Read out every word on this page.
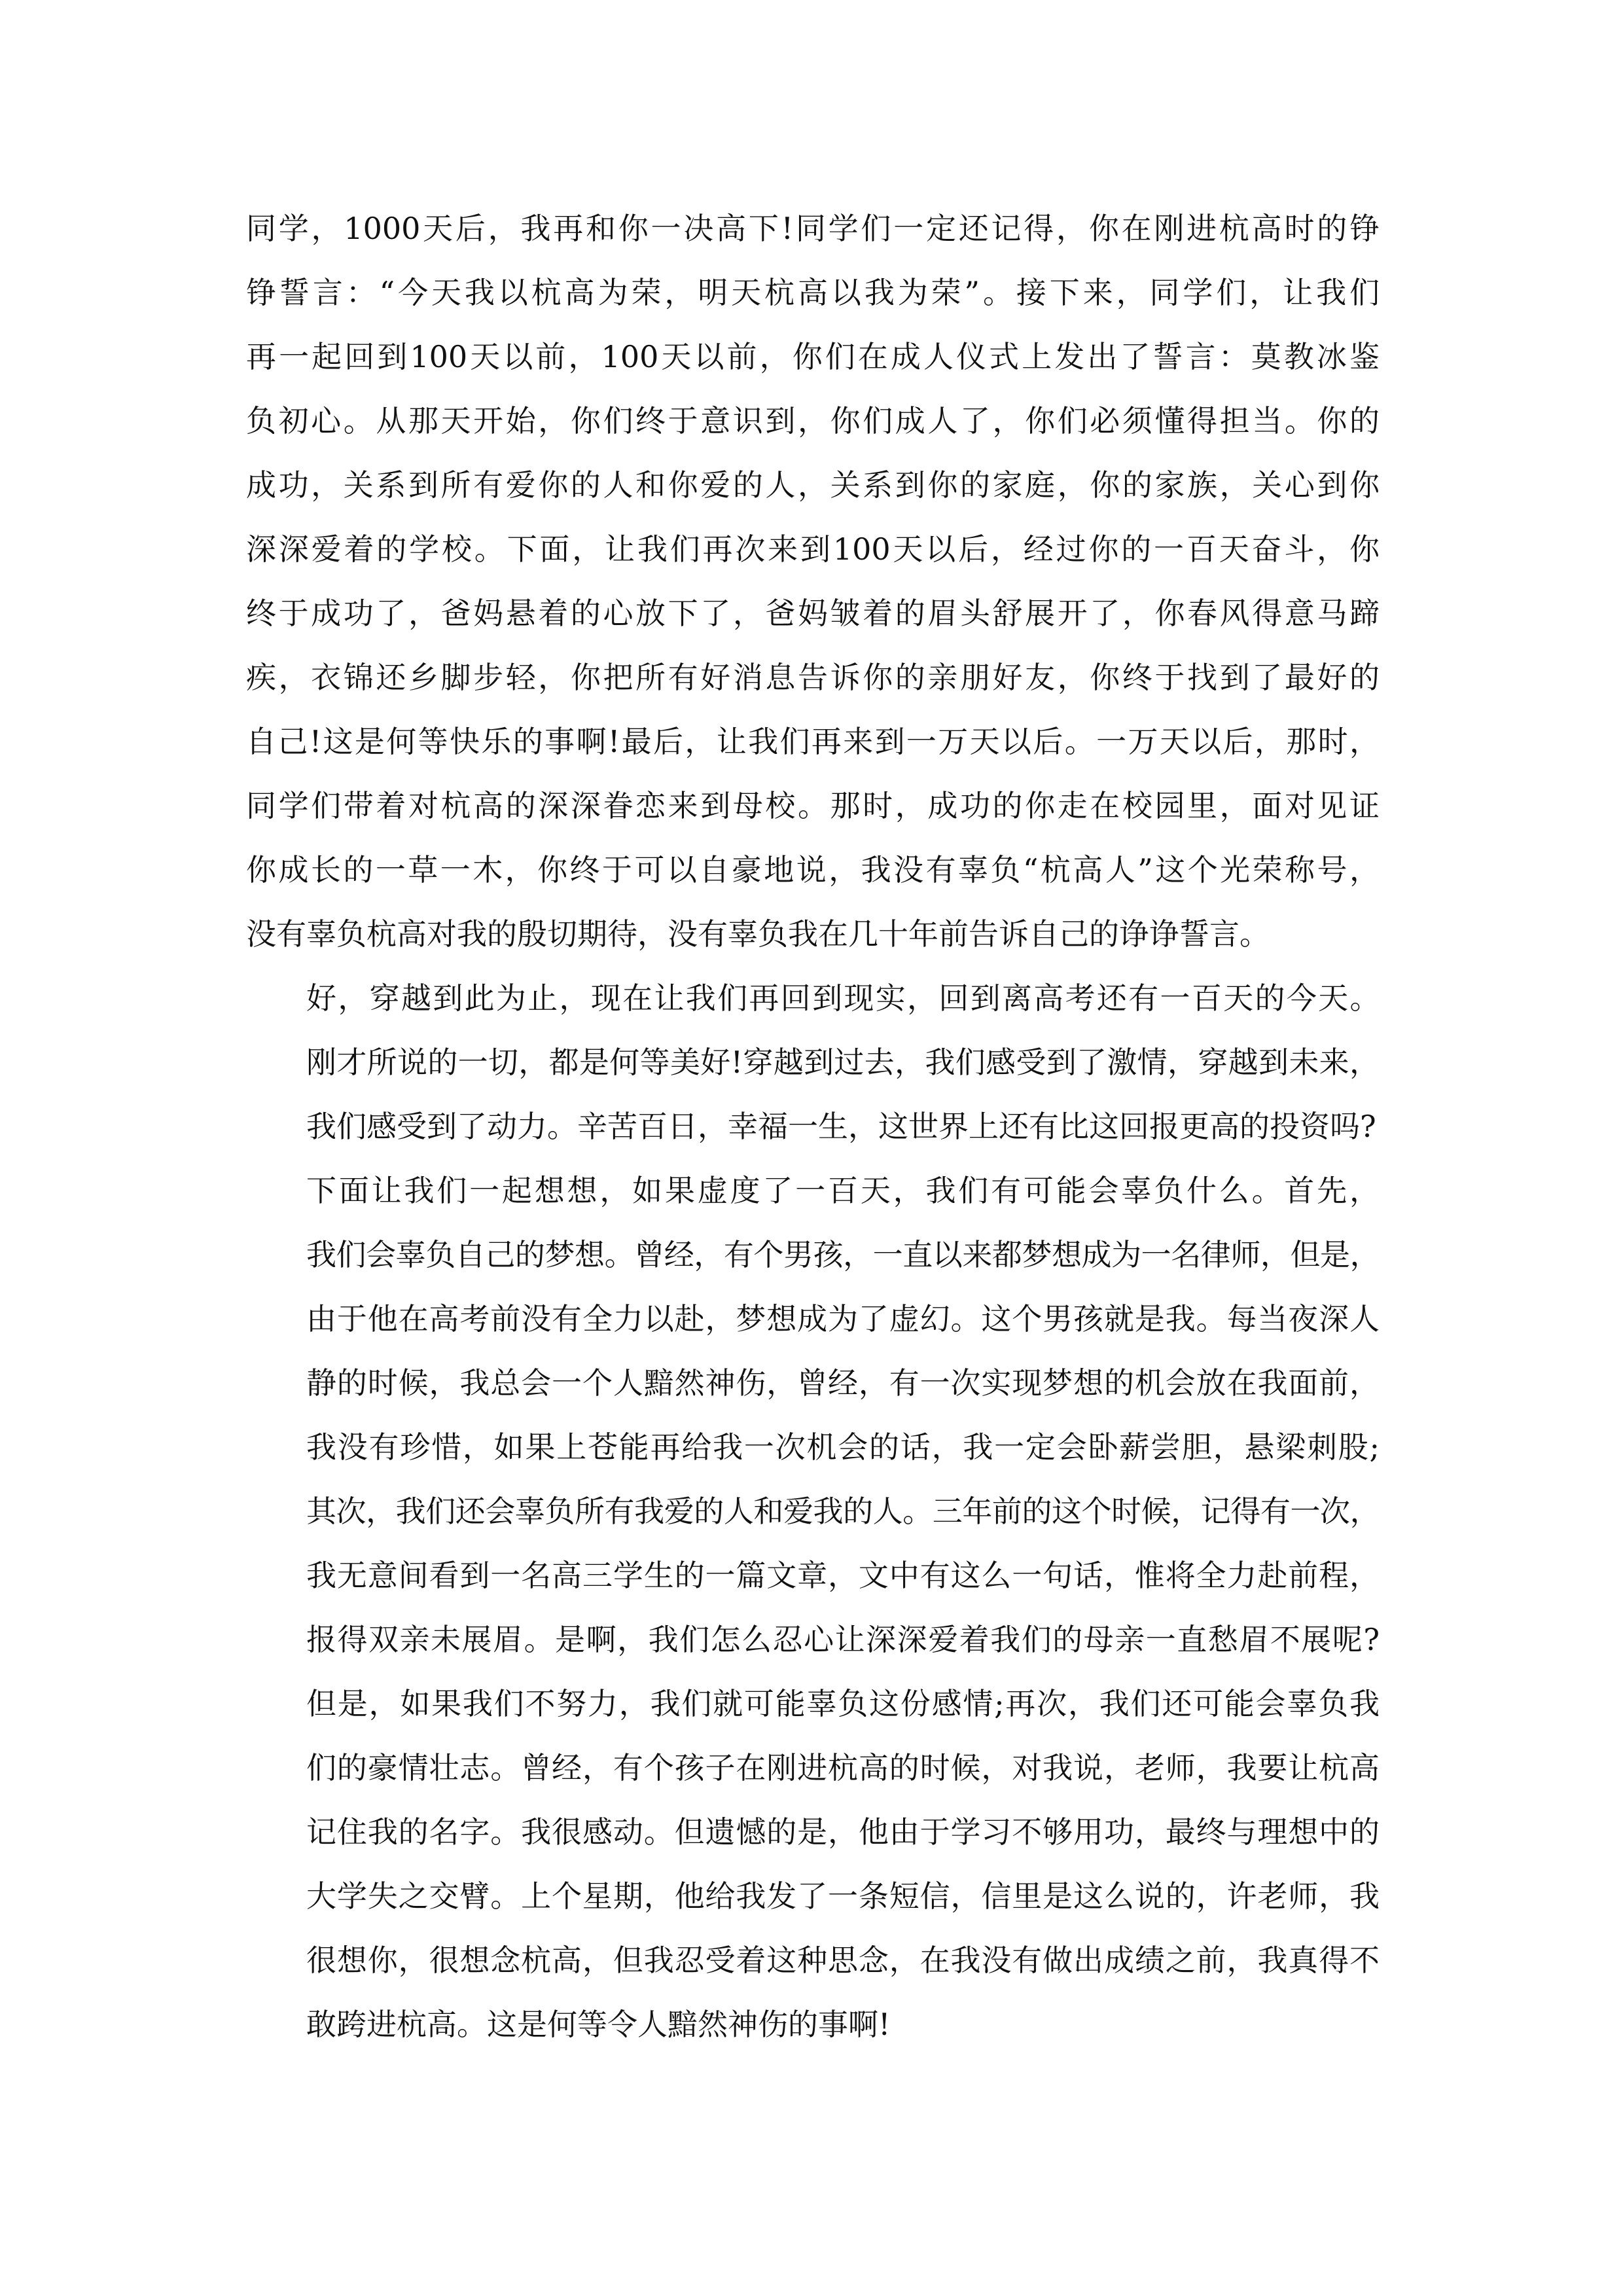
同学，1000天后，我再和你一决高下!同学们一定还记得，你在刚进杭高时的铮
铮誓言：“今天我以杭高为荣，明天杭高以我为荣”。接下来，同学们，让我们
再一起回到100天以前，100天以前，你们在成人仪式上发出了誓言：莫教冰鉴
负初心。从那天开始，你们终于意识到，你们成人了，你们必须懂得担当。你的
成功，关系到所有爱你的人和你爱的人，关系到你的家庭，你的家族，关心到你
深深爱着的学校。下面，让我们再次来到100天以后，经过你的一百天奋斗，你
终于成功了，爸妈悬着的心放下了，爸妈皱着的眉头舒展开了，你春风得意马蹄
疾，衣锦还乡脚步轻，你把所有好消息告诉你的亲朋好友，你终于找到了最好的
自己!这是何等快乐的事啊!最后，让我们再来到一万天以后。一万天以后，那时，
同学们带着对杭高的深深眷恋来到母校。那时，成功的你走在校园里，面对见证
你成长的一草一木，你终于可以自豪地说，我没有辜负“杭高人”这个光荣称号，
没有辜负杭高对我的殷切期待，没有辜负我在几十年前告诉自己的诤诤誓言。

好，穿越到此为止，现在让我们再回到现实，回到离高考还有一百天的今天。
刚才所说的一切，都是何等美好!穿越到过去，我们感受到了激情，穿越到未来，
我们感受到了动力。辛苦百日，幸福一生，这世界上还有比这回报更高的投资吗?

下面让我们一起想想，如果虚度了一百天，我们有可能会辜负什么。首先，
我们会辜负自己的梦想。曾经，有个男孩，一直以来都梦想成为一名律师，但是，
由于他在高考前没有全力以赴，梦想成为了虚幻。这个男孩就是我。每当夜深人
静的时候，我总会一个人黯然神伤，曾经，有一次实现梦想的机会放在我面前，
我没有珍惜，如果上苍能再给我一次机会的话，我一定会卧薪尝胆，悬梁刺股;
其次，我们还会辜负所有我爱的人和爱我的人。三年前的这个时候，记得有一次，
我无意间看到一名高三学生的一篇文章，文中有这么一句话，惟将全力赴前程，
报得双亲未展眉。是啊，我们怎么忍心让深深爱着我们的母亲一直愁眉不展呢?
但是，如果我们不努力，我们就可能辜负这份感情;再次，我们还可能会辜负我
们的豪情壮志。曾经，有个孩子在刚进杭高的时候，对我说，老师，我要让杭高
记住我的名字。我很感动。但遗憾的是，他由于学习不够用功，最终与理想中的
大学失之交臂。上个星期，他给我发了一条短信，信里是这么说的，许老师，我
很想你，很想念杭高，但我忍受着这种思念，在我没有做出成绩之前，我真得不
敢跨进杭高。这是何等令人黯然神伤的事啊!
